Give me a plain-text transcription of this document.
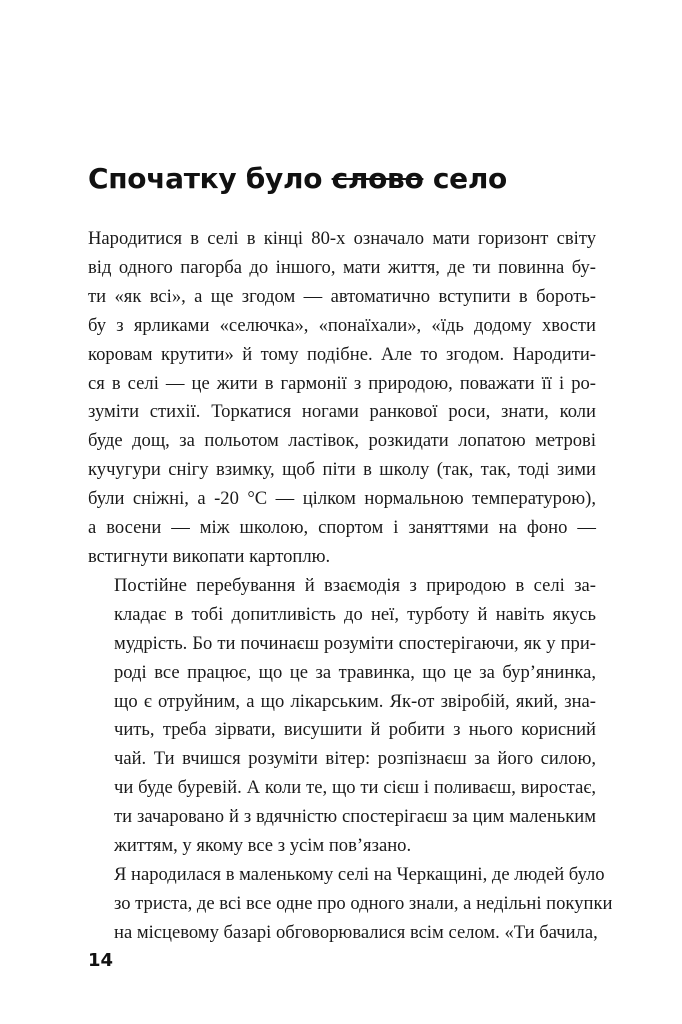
Спочатку було слово село

Народитися в селі в кінці 80-х означало мати горизонт світу
від одного пагорба до іншого, мати життя, де ти повинна бу-
ти «як всі», а ще згодом — автоматично вступити в бороть-
бу з ярликами «селючка», «понаїхали», «їдь додому хвости
коровам крутити» й тому подібне. Але то згодом. Народити-
ся в селі — це жити в гармонії з природою, поважати її і ро-
зуміти стихії. Торкатися ногами ранкової роси, знати, коли
буде дощ, за польотом ластівок, розкидати лопатою метрові
кучугури снігу взимку, щоб піти в школу (так, так, тоді зими
були сніжні, а -20 °C — цілком нормальною температурою),
а восени — між школою, спортом і заняттями на фоно —
встигнути викопати картоплю.

Постійне перебування й взаємодія з природою в селі за-
кладає в тобі допитливість до неї, турботу й навіть якусь
мудрість. Бо ти починаєш розуміти спостерігаючи, як у при-
роді все працює, що це за травинка, що це за бур’янинка,
що є отруйним, а що лікарським. Як-от звіробій, який, зна-
чить, треба зірвати, висушити й робити з нього корисний
чай. Ти вчишся розуміти вітер: розпізнаєш за його силою,
чи буде буревій. А коли те, що ти сієш і поливаєш, виростає,
ти зачаровано й з вдячністю спостерігаєш за цим маленьким
життям, у якому все з усім пов’язано.

Я народилася в маленькому селі на Черкащині, де людей було
зо триста, де всі все одне про одного знали, а недільні покупки
на місцевому базарі обговорювалися всім селом. «Ти бачила,

14
